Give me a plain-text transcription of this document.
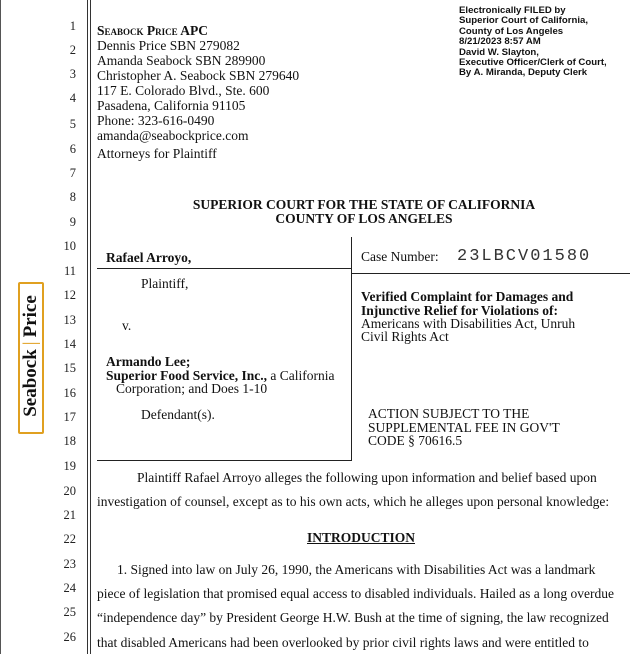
1
2
3
4
5
6
7
8
9
10
11
12
13
14
15
16
17
18
19
20
21
22
23
24
25
26
Seabock|Price
Seabock Price APC
Dennis Price SBN 279082
Amanda Seabock SBN 289900
Christopher A. Seabock SBN 279640
117 E. Colorado Blvd., Ste. 600
Pasadena, California 91105
Phone: 323-616-0490
amanda@seabockprice.com
Attorneys for Plaintiff
Electronically FILED by
Superior Court of California,
County of Los Angeles
8/21/2023 8:57 AM
David W. Slayton,
Executive Officer/Clerk of Court,
By A. Miranda, Deputy Clerk
SUPERIOR COURT FOR THE STATE OF CALIFORNIA
COUNTY OF LOS ANGELES
Rafael Arroyo,
Plaintiff,
v.
Armando Lee;
Superior Food Service, Inc., a California
Corporation; and Does 1-10
Defendant(s).
Case Number: 23LBCV01580
Verified Complaint for Damages and
Injunctive Relief for Violations of:
Americans with Disabilities Act, Unruh
Civil Rights Act
ACTION SUBJECT TO THE
SUPPLEMENTAL FEE IN GOV'T
CODE § 70616.5
Plaintiff Rafael Arroyo alleges the following upon information and belief based upon
investigation of counsel, except as to his own acts, which he alleges upon personal knowledge:
INTRODUCTION
1. Signed into law on July 26, 1990, the Americans with Disabilities Act was a landmark
piece of legislation that promised equal access to disabled individuals. Hailed as a long overdue
“independence day” by President George H.W. Bush at the time of signing, the law recognized
that disabled Americans had been overlooked by prior civil rights laws and were entitled to
